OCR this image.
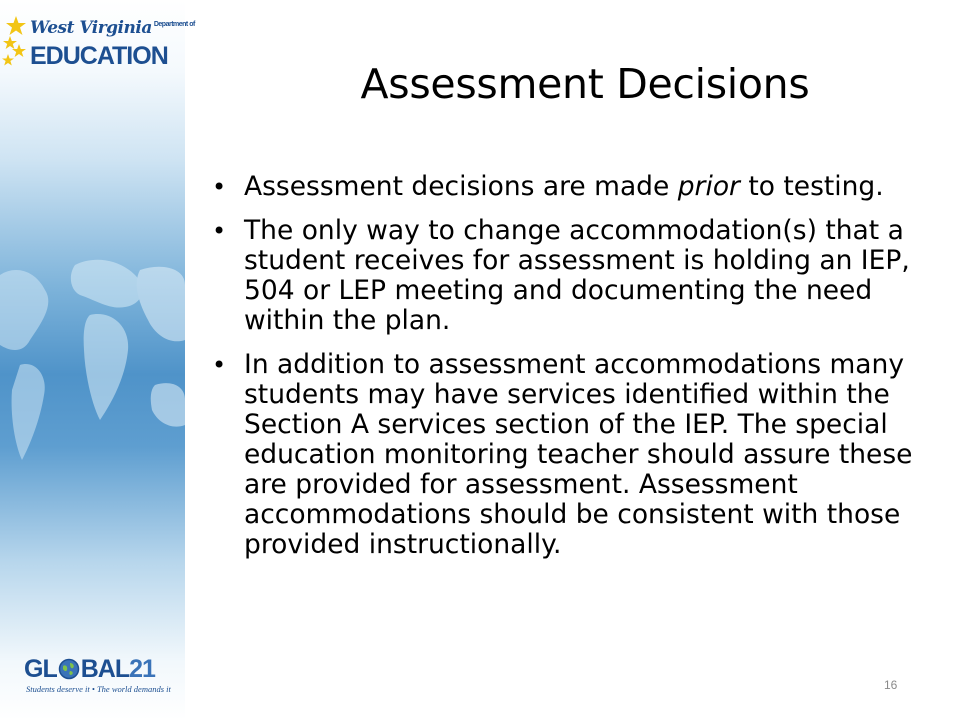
West Virginia Department of
EDUCATION
GL BAL21
Students deserve it • The world demands it
Assessment Decisions
• Assessment decisions are made prior to testing.
• The only way to change accommodation(s) that a student receives for assessment is holding an IEP, 504 or LEP meeting and documenting the need within the plan.
• In addition to assessment accommodations many students may have services identified within the Section A services section of the IEP. The special education monitoring teacher should assure these are provided for assessment. Assessment accommodations should be consistent with those provided instructionally.
16
